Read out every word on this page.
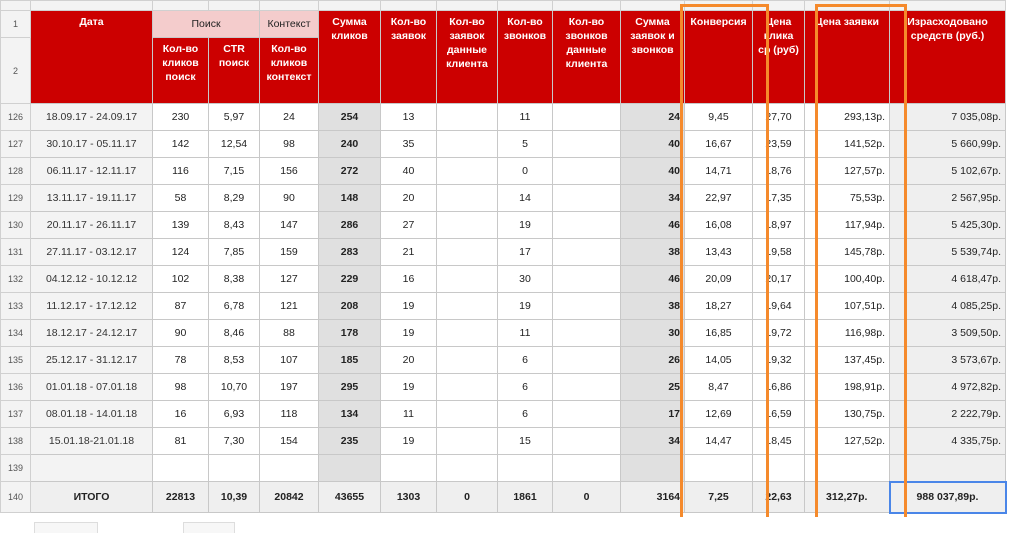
1	Дата	Поиск		Контекст	Сумма кликов	Кол-во заявок	Кол-во заявок данные клиента	Кол-во звонков	Кол-во звонков данные клиента	Сумма заявок и звонков	Конверсия	Цена клика ср (руб)	Цена заявки	Израсходовано средств (руб.)
2		Кол-во кликов поиск	CTR поиск	Кол-во кликов контекст										
126	18.09.17 - 24.09.17	230	5,97	24	254	13		11		24	9,45	27,70	293,13р.	7 035,08р.
127	30.10.17 - 05.11.17	142	12,54	98	240	35		5		40	16,67	23,59	141,52р.	5 660,99р.
128	06.11.17 - 12.11.17	116	7,15	156	272	40		0		40	14,71	18,76	127,57р.	5 102,67р.
129	13.11.17 - 19.11.17	58	8,29	90	148	20		14		34	22,97	17,35	75,53р.	2 567,95р.
130	20.11.17 - 26.11.17	139	8,43	147	286	27		19		46	16,08	18,97	117,94р.	5 425,30р.
131	27.11.17 - 03.12.17	124	7,85	159	283	21		17		38	13,43	19,58	145,78р.	5 539,74р.
132	04.12.12 - 10.12.12	102	8,38	127	229	16		30		46	20,09	20,17	100,40р.	4 618,47р.
133	11.12.17 - 17.12.12	87	6,78	121	208	19		19		38	18,27	19,64	107,51р.	4 085,25р.
134	18.12.17 - 24.12.17	90	8,46	88	178	19		11		30	16,85	19,72	116,98р.	3 509,50р.
135	25.12.17 - 31.12.17	78	8,53	107	185	20		6		26	14,05	19,32	137,45р.	3 573,67р.
136	01.01.18 - 07.01.18	98	10,70	197	295	19		6		25	8,47	16,86	198,91р.	4 972,82р.
137	08.01.18 - 14.01.18	16	6,93	118	134	11		6		17	12,69	16,59	130,75р.	2 222,79р.
138	15.01.18-21.01.18	81	7,30	154	235	19		15		34	14,47	18,45	127,52р.	4 335,75р.
139														
140	ИТОГО	22813	10,39	20842	43655	1303	0	1861	0	3164	7,25	22,63	312,27р.	988 037,89р.
